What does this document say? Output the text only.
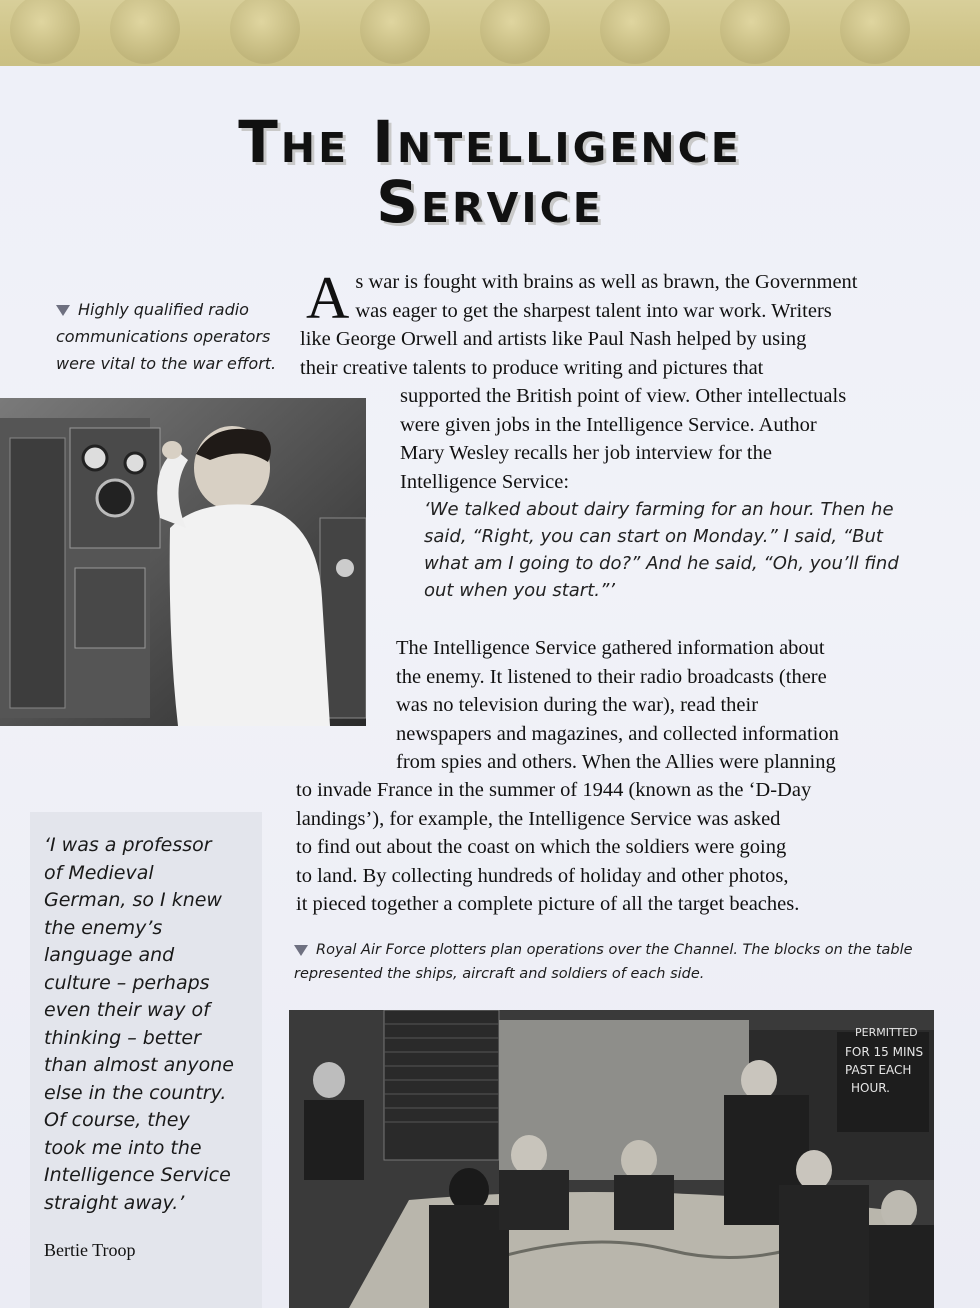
The Intelligence
Service
Highly qualified radio
communications operators
were vital to the war effort.
A s war is fought with brains as well as brawn, the Government
was eager to get the sharpest talent into war work. Writers
like George Orwell and artists like Paul Nash helped by using
their creative talents to produce writing and pictures that
supported the British point of view. Other intellectuals
were given jobs in the Intelligence Service. Author
Mary Wesley recalls her job interview for the
Intelligence Service:
‘We talked about dairy farming for an hour. Then he
said, “Right, you can start on Monday.” I said, “But
what am I going to do?” And he said, “Oh, you’ll find
out when you start.”’
The Intelligence Service gathered information about
the enemy. It listened to their radio broadcasts (there
was no television during the war), read their
newspapers and magazines, and collected information
from spies and others. When the Allies were planning
to invade France in the summer of 1944 (known as the ‘D-Day
landings’), for example, the Intelligence Service was asked
to find out about the coast on which the soldiers were going
to land. By collecting hundreds of holiday and other photos,
it pieced together a complete picture of all the target beaches.
Royal Air Force plotters plan operations over the Channel. The blocks on the table
represented the ships, aircraft and soldiers of each side.
‘I was a professor
of Medieval
German, so I knew
the enemy’s
language and
culture – perhaps
even their way of
thinking – better
than almost anyone
else in the country.
Of course, they
took me into the
Intelligence Service
straight away.’
Bertie Troop
PERMITTED
FOR 15 MINS
PAST EACH
HOUR.
